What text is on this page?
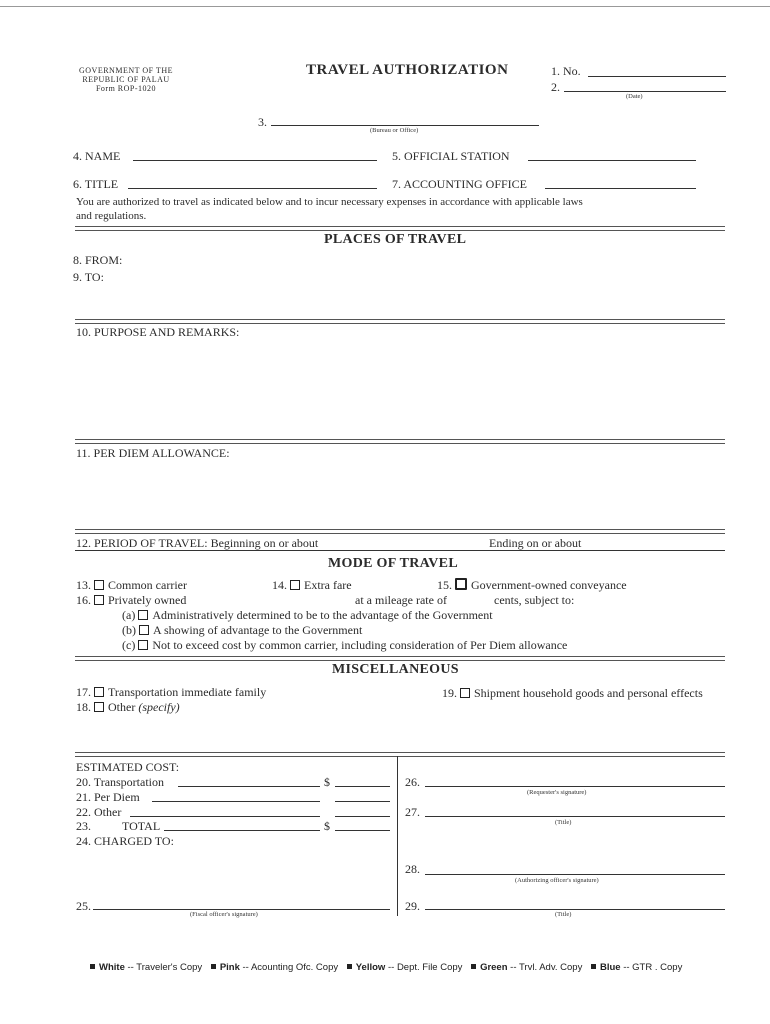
GOVERNMENT OF THE
REPUBLIC OF PALAU
Form ROP-1020
TRAVEL AUTHORIZATION	1. No.
2.
(Date)
3.
(Bureau or Office)
4. NAME	5. OFFICIAL STATION
6. TITLE	7. ACCOUNTING OFFICE
You are authorized to travel as indicated below and to incur necessary expenses in accordance with applicable laws
and regulations.
PLACES OF TRAVEL
8. FROM:
9. TO:
10. PURPOSE AND REMARKS:
11. PER DIEM ALLOWANCE:
12. PERIOD OF TRAVEL: Beginning on or about	Ending on or about
MODE OF TRAVEL
13. Common carrier	14. Extra fare	15. Government-owned conveyance
16. Privately owned	at a mileage rate of	cents, subject to:
(a) Administratively determined to be to the advantage of the Government
(b) A showing of advantage to the Government
(c) Not to exceed cost by common carrier, including consideration of Per Diem allowance
MISCELLANEOUS
17. Transportation immediate family	19. Shipment household goods and personal effects
18. Other (specify)
ESTIMATED COST:
20. Transportation	$
21. Per Diem
22. Other
23.	TOTAL	$
24. CHARGED TO:
25.
(Fiscal officer's signature)
26.
(Requester's signature)
27.
(Title)
28.
(Authorizing officer's signature)
29.
(Title)
White -- Traveler's Copy Pink -- Acounting Ofc. Copy Yellow -- Dept. File Copy Green -- Trvl. Adv. Copy Blue -- GTR . Copy
